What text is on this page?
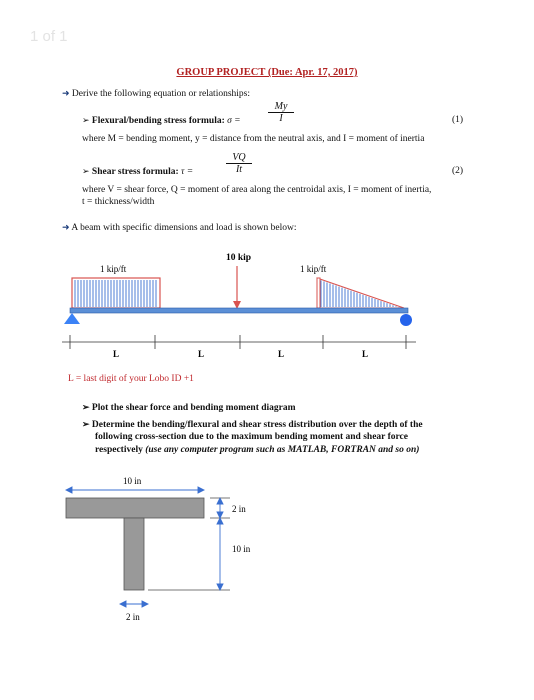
1 of 1
GROUP PROJECT (Due: Apr. 17, 2017)
➜ Derive the following equation or relationships:
➢ Flexural/bending stress formula: σ =
My
I	(1)
where M = bending moment, y = distance from the neutral axis, and I = moment of inertia
➢ Shear stress formula: τ =
VQ
It	(2)
where V = shear force, Q = moment of area along the centroidal axis, I = moment of inertia,
t = thickness/width
➜ A beam with specific dimensions and load is shown below:
1 kip/ft
10 kip
1 kip/ft
L	L	L	L
L = last digit of your Lobo ID +1
➢ Plot the shear force and bending moment diagram
➢ Determine the bending/flexural and shear stress distribution over the depth of the
following cross-section due to the maximum bending moment and shear force
respectively (use any computer program such as MATLAB, FORTRAN and so on)
10 in
2 in
10 in
2 in
